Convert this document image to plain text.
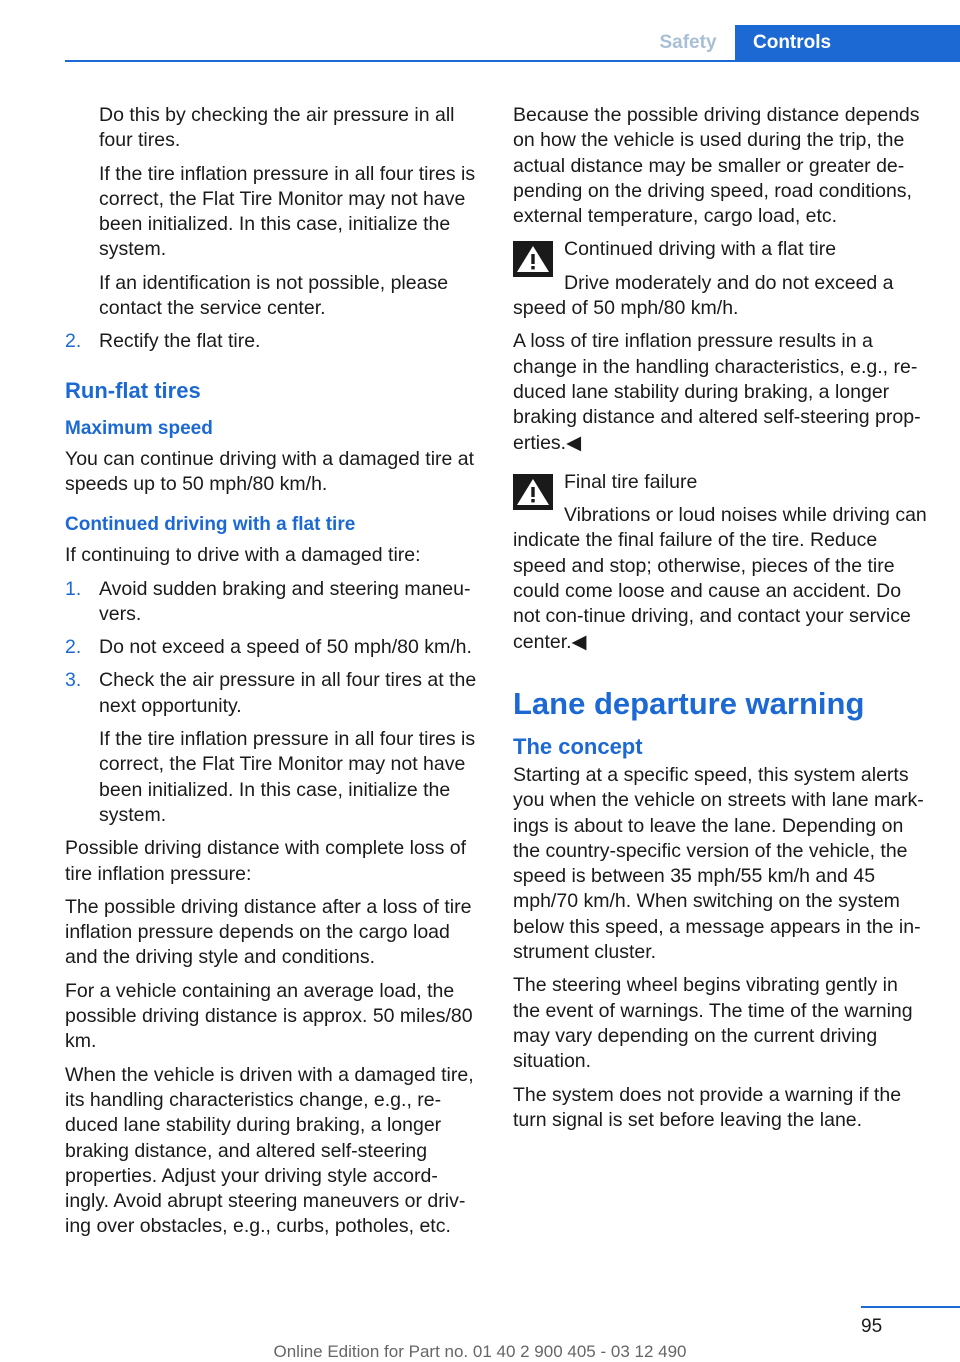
Safety	Controls

Do this by checking the air pressure in all four tires.

If the tire inflation pressure in all four tires is correct, the Flat Tire Monitor may not have been initialized. In this case, initialize the system.

If an identification is not possible, please contact the service center.

2. Rectify the flat tire.
Run-flat tires
Maximum speed

You can continue driving with a damaged tire at speeds up to 50 mph/80 km/h.

Continued driving with a flat tire

If continuing to drive with a damaged tire:

1. Avoid sudden braking and steering maneu‐vers.
2. Do not exceed a speed of 50 mph/80 km/h.
3. Check the air pressure in all four tires at the next opportunity.

If the tire inflation pressure in all four tires is correct, the Flat Tire Monitor may not have been initialized. In this case, initialize the system.

Possible driving distance with complete loss of tire inflation pressure:

The possible driving distance after a loss of tire inflation pressure depends on the cargo load and the driving style and conditions.

For a vehicle containing an average load, the possible driving distance is approx. 50 miles/80 km.

When the vehicle is driven with a damaged tire, its handling characteristics change, e.g., re‐duced lane stability during braking, a longer braking distance, and altered self-steering properties. Adjust your driving style accord‐ingly. Avoid abrupt steering maneuvers or driv‐ing over obstacles, e.g., curbs, potholes, etc.

Because the possible driving distance depends on how the vehicle is used during the trip, the actual distance may be smaller or greater de‐pending on the driving speed, road conditions, external temperature, cargo load, etc.

Continued driving with a flat tire

Drive moderately and do not exceed a speed of 50 mph/80 km/h.

A loss of tire inflation pressure results in a change in the handling characteristics, e.g., re‐duced lane stability during braking, a longer braking distance and altered self-steering prop‐erties.◀

Final tire failure

Vibrations or loud noises while driving can indicate the final failure of the tire. Reduce speed and stop; otherwise, pieces of the tire could come loose and cause an accident. Do not con‐tinue driving, and contact your service center.◀

Lane departure warning
The concept

Starting at a specific speed, this system alerts you when the vehicle on streets with lane mark‐ings is about to leave the lane. Depending on the country-specific version of the vehicle, the speed is between 35 mph/55 km/h and 45 mph/70 km/h. When switching on the system below this speed, a message appears in the in‐strument cluster.

The steering wheel begins vibrating gently in the event of warnings. The time of the warning may vary depending on the current driving situation.

The system does not provide a warning if the turn signal is set before leaving the lane.

95
Online Edition for Part no. 01 40 2 900 405 - 03 12 490
